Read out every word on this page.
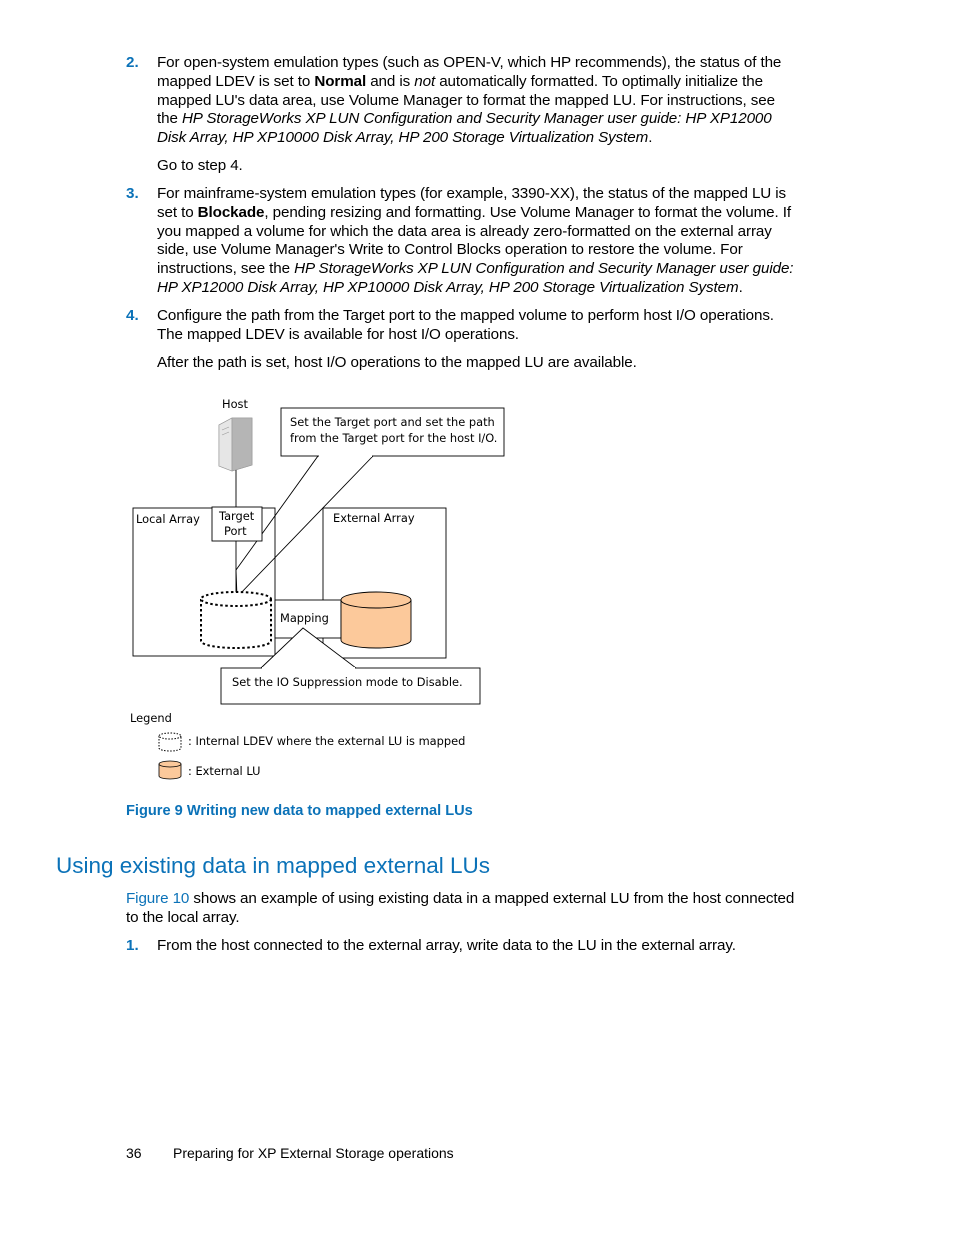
2. For open-system emulation types (such as OPEN-V, which HP recommends), the status of the

mapped LDEV is set to Normal and is not automatically formatted. To optimally initialize the

mapped LU's data area, use Volume Manager to format the mapped LU. For instructions, see

the HP StorageWorks XP LUN Configuration and Security Manager user guide: HP XP12000

Disk Array, HP XP10000 Disk Array, HP 200 Storage Virtualization System.

Go to step 4.

3. For mainframe-system emulation types (for example, 3390-XX), the status of the mapped LU is

set to Blockade, pending resizing and formatting. Use Volume Manager to format the volume. If

you mapped a volume for which the data area is already zero-formatted on the external array

side, use Volume Manager's Write to Control Blocks operation to restore the volume. For

instructions, see the HP StorageWorks XP LUN Configuration and Security Manager user guide:

HP XP12000 Disk Array, HP XP10000 Disk Array, HP 200 Storage Virtualization System.

4. Configure the path from the Target port to the mapped volume to perform host I/O operations.

The mapped LDEV is available for host I/O operations.

After the path is set, host I/O operations to the mapped LU are available.

Host
Set the Target port and set the path
from the Target port for the host I/O.
Local Array Target
Port
External Array
Mapping
Set the IO Suppression mode to Disable.
Legend
: Internal LDEV where the external LU is mapped
: External LU

Figure 9 Writing new data to mapped external LUs

Using existing data in mapped external LUs

Figure 10 shows an example of using existing data in a mapped external LU from the host connected

to the local array.

1. From the host connected to the external array, write data to the LU in the external array.

36 Preparing for XP External Storage operations
